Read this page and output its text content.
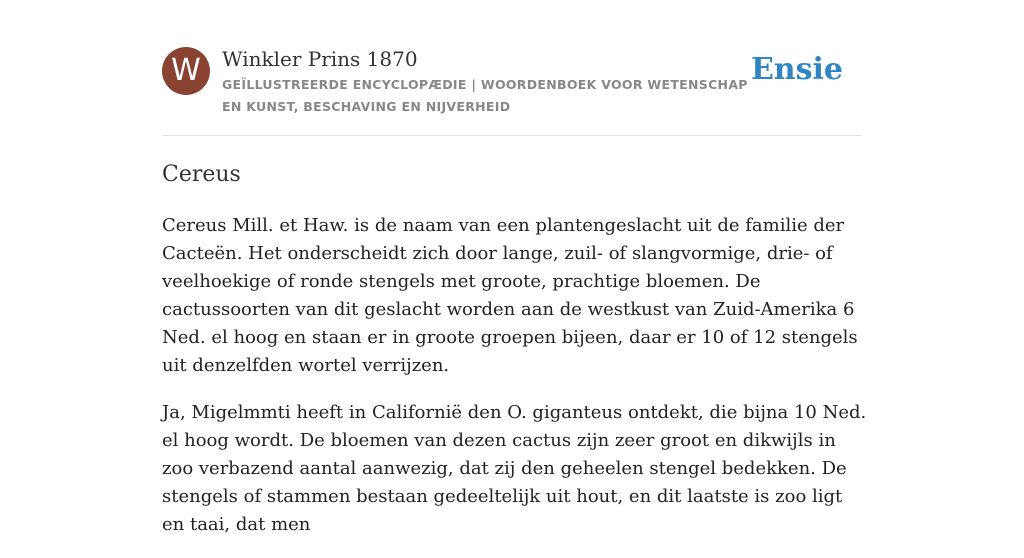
W	Winkler Prins 1870
GEÏLLUSTREERDE ENCYCLOPÆDIE | WOORDENBOEK VOOR WETENSCHAP EN KUNST, BESCHAVING EN NIJVERHEID
Ensie
Cereus

Cereus Mill. et Haw. is de naam van een plantengeslacht uit de familie der Cacteën. Het onderscheidt zich door lange, zuil- of slangvormige, drie- of veelhoekige of ronde stengels met groote, prachtige bloemen. De cactussoorten van dit geslacht worden aan de westkust van Zuid-Amerika 6 Ned. el hoog en staan er in groote groepen bijeen, daar er 10 of 12 stengels uit denzelfden wortel verrijzen.

Ja, Migelmmti heeft in Californië den O. giganteus ontdekt, die bijna 10 Ned. el hoog wordt. De bloemen van dezen cactus zijn zeer groot en dikwijls in zoo verbazend aantal aanwezig, dat zij den geheelen stengel bedekken. De stengels of stammen bestaan gedeeltelijk uit hout, en dit laatste is zoo ligt en taai, dat men
